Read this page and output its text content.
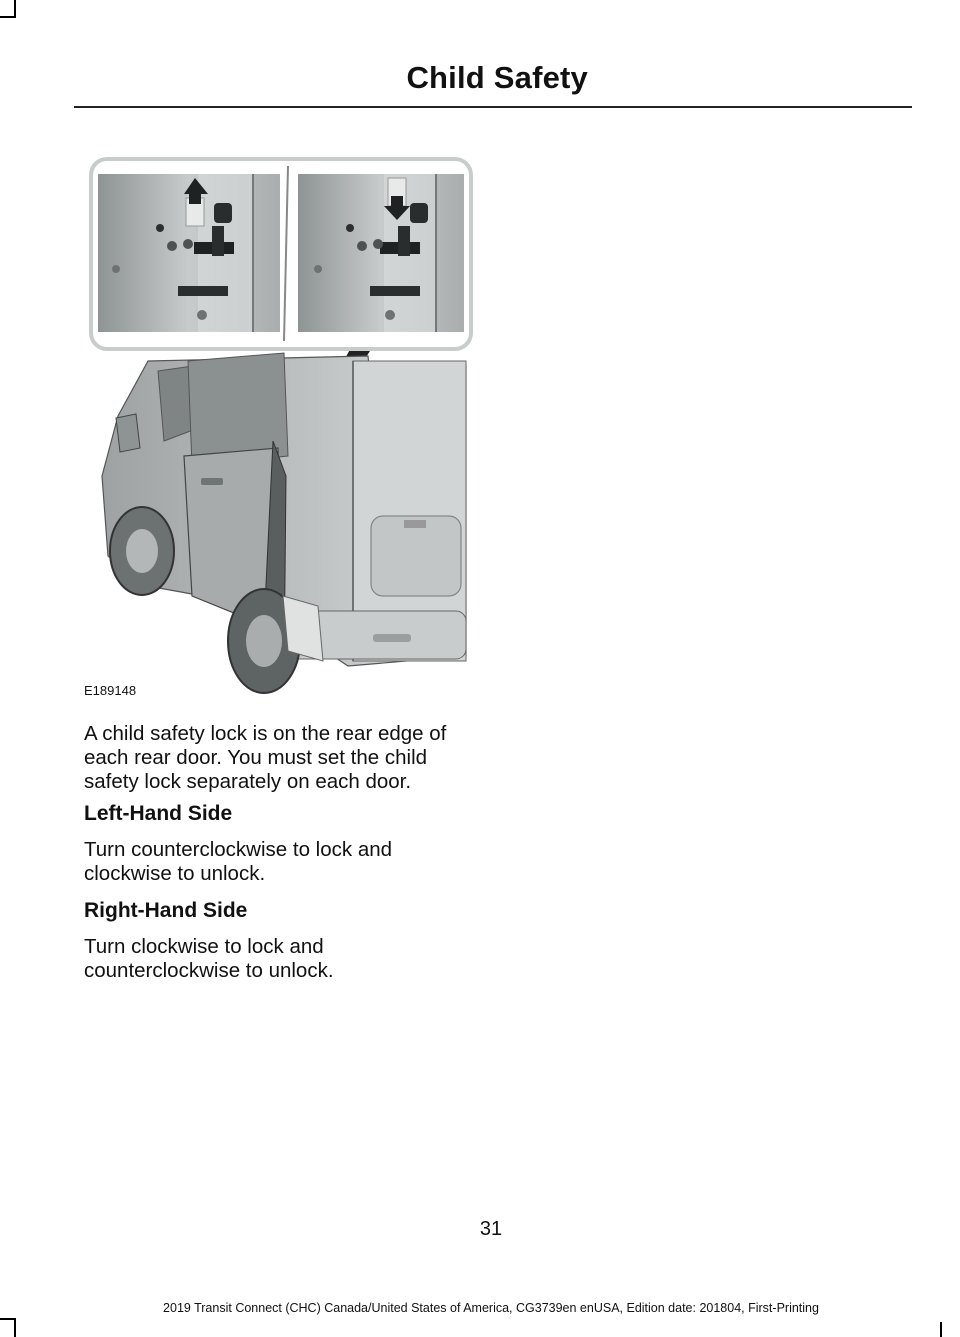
Child Safety
E189148

A child safety lock is on the rear edge of each rear door. You must set the child safety lock separately on each door.

Left-Hand Side

Turn counterclockwise to lock and clockwise to unlock.

Right-Hand Side

Turn clockwise to lock and counterclockwise to unlock.

31
2019 Transit Connect (CHC) Canada/United States of America, CG3739en enUSA, Edition date: 201804, First-Printing
